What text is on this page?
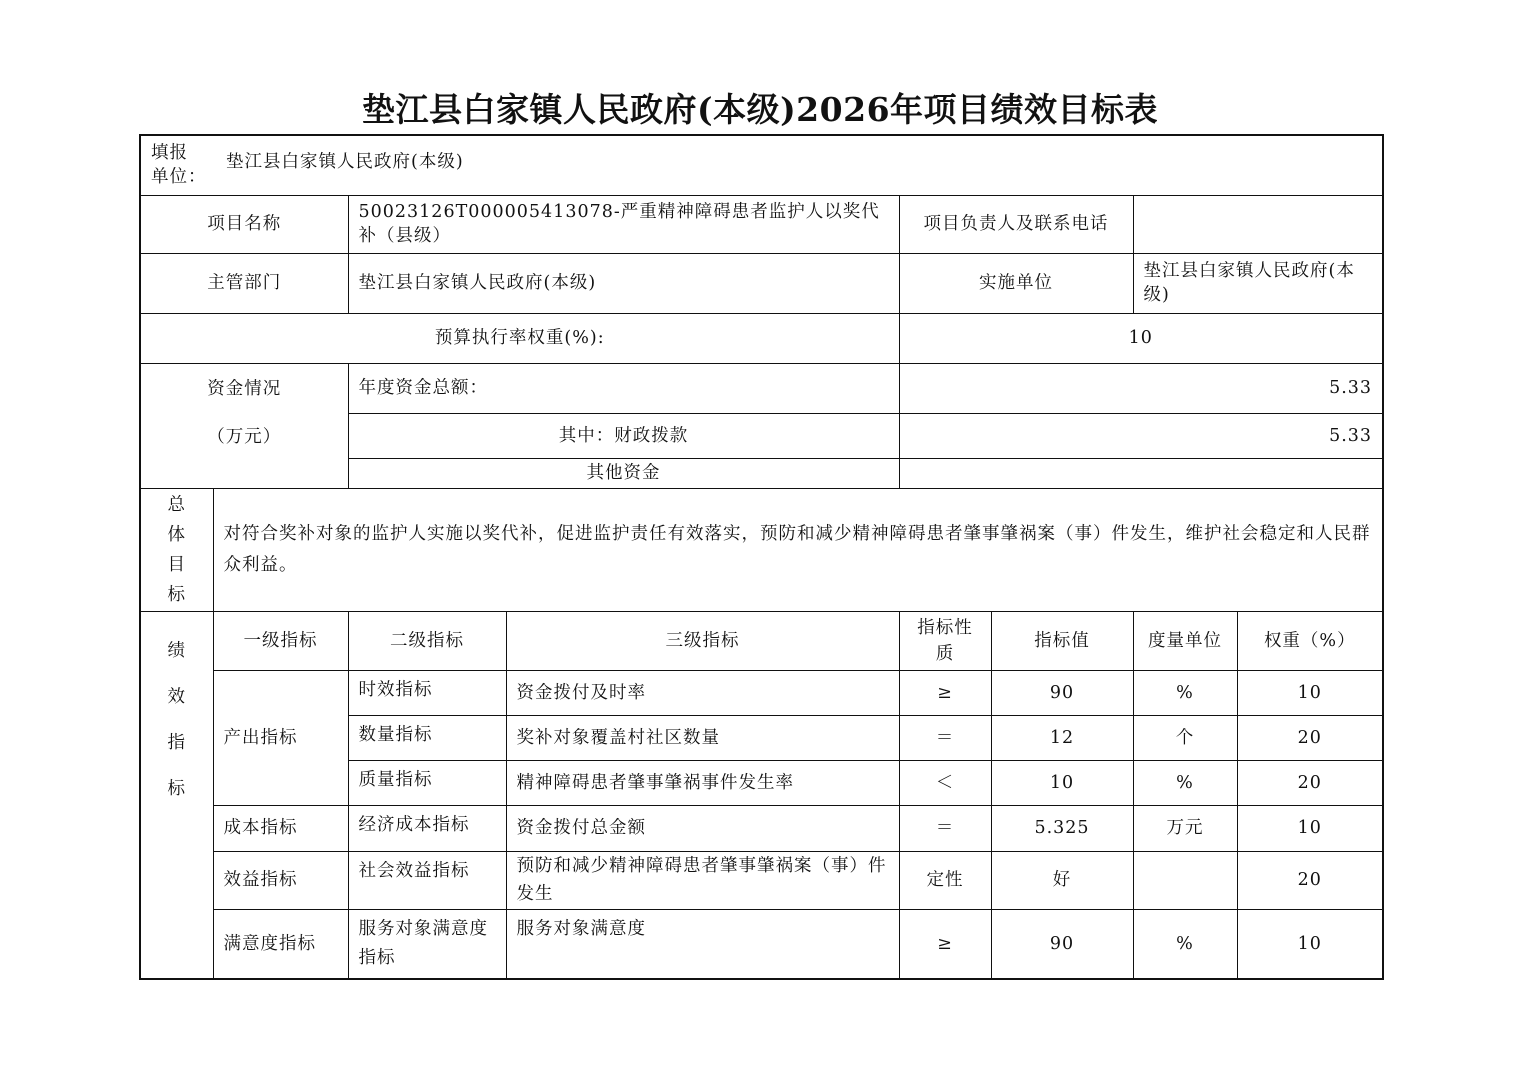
垫江县白家镇人民政府(本级)2026年项目绩效目标表
填报
单位：
垫江县白家镇人民政府(本级)							

项目名称		50023126T000005413078-严重精神障碍患者监护人以奖代补（县级）		项目负责人及联系电话			
主管部门		垫江县白家镇人民政府(本级)		实施单位		垫江县白家镇人民政府(本级)	
预算执行率权重(%):				10			

资金情况
（万元）		年度资金总额：		5.33			
		其中：财政拨款		5.33			
		其他资金					

总
体
目
标	对符合奖补对象的监护人实施以奖代补，促进监护责任有效落实，预防和减少精神障碍患者肇事肇祸案（事）件发生，维护社会稳定和人民群众利益。						

绩
效
指
标	一级指标	二级指标	三级指标	指标性质	指标值	度量单位	权重（%）
	产出指标	时效指标	资金拨付及时率	≥	90	%	10
		数量指标	奖补对象覆盖村社区数量	＝	12	个	20
		质量指标	精神障碍患者肇事肇祸事件发生率	＜	10	%	20
	成本指标	经济成本指标	资金拨付总金额	＝	5.325	万元	10
	效益指标	社会效益指标	预防和减少精神障碍患者肇事肇祸案（事）件发生	定性	好		20
	满意度指标	服务对象满意度指标	服务对象满意度	≥	90	%	10
